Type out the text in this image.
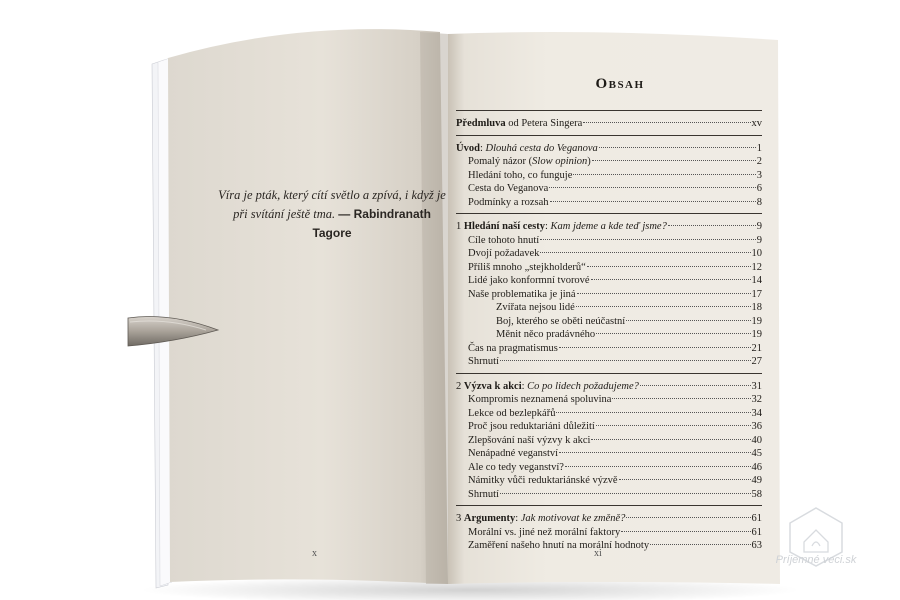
Víra je pták, který cítí světlo a zpívá, i když je při svítání ještě tma. — Rabindranath Tagore
x
Obsah
Předmluva od Petera Singera	xv
Úvod: Dlouhá cesta do Veganova	1
Pomalý názor (Slow opinion)	2
Hledání toho, co funguje	3
Cesta do Veganova	6
Podmínky a rozsah	8
1 Hledání naší cesty: Kam jdeme a kde teď jsme?	9
Cíle tohoto hnutí	9
Dvojí požadavek	10
Příliš mnoho „stejkholderů“	12
Lidé jako konformní tvorové	14
Naše problematika je jiná	17
Zvířata nejsou lidé	18
Boj, kterého se oběti neúčastní	19
Měnit něco pradávného	19
Čas na pragmatismus	21
Shrnutí	27
2 Výzva k akci: Co po lidech požadujeme?	31
Kompromis neznamená spoluvina	32
Lekce od bezlepkářů	34
Proč jsou reduktariáni důležití	36
Zlepšování naší výzvy k akci	40
Nenápadné veganství	45
Ale co tedy veganství?	46
Námitky vůči reduktariánské výzvě	49
Shrnutí	58
3 Argumenty: Jak motivovat ke změně?	61
Morální vs. jiné než morální faktory	61
Zaměření našeho hnutí na morální hodnoty	63
xi
Príjemné veci.sk
